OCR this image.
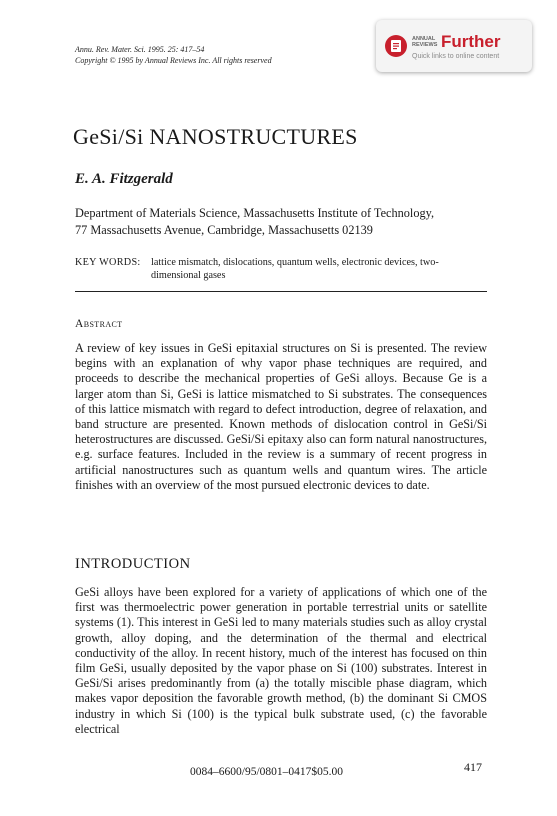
Annu. Rev. Mater. Sci. 1995. 25: 417–54
Copyright © 1995 by Annual Reviews Inc. All rights reserved
ANNUAL
REVIEWS Further
Quick links to online content
GeSi/Si NANOSTRUCTURES
E. A. Fitzgerald
Department of Materials Science, Massachusetts Institute of Technology,
77 Massachusetts Avenue, Cambridge, Massachusetts 02139
KEY WORDS:	lattice mismatch, dislocations, quantum wells, electronic devices, two-dimensional gases
Abstract

A review of key issues in GeSi epitaxial structures on Si is presented. The review begins with an explanation of why vapor phase techniques are required, and proceeds to describe the mechanical properties of GeSi alloys. Because Ge is a larger atom than Si, GeSi is lattice mismatched to Si substrates. The consequences of this lattice mismatch with regard to defect introduction, degree of relaxation, and band structure are presented. Known methods of dislocation control in GeSi/Si heterostructures are discussed. GeSi/Si epitaxy also can form natural nanostructures, e.g. surface features. Included in the review is a summary of recent progress in artificial nanostructures such as quantum wells and quantum wires. The article finishes with an overview of the most pursued electronic devices to date.

INTRODUCTION

GeSi alloys have been explored for a variety of applications of which one of the first was thermoelectric power generation in portable terrestrial units or satellite systems (1). This interest in GeSi led to many materials studies such as alloy crystal growth, alloy doping, and the determination of the thermal and electrical conductivity of the alloy. In recent history, much of the interest has focused on thin film GeSi, usually deposited by the vapor phase on Si (100) substrates. Interest in GeSi/Si arises predominantly from (a) the totally miscible phase diagram, which makes vapor deposition the favorable growth method, (b) the dominant Si CMOS industry in which Si (100) is the typical bulk substrate used, (c) the favorable electrical

0084–6600/95/0801–0417$05.00	417
